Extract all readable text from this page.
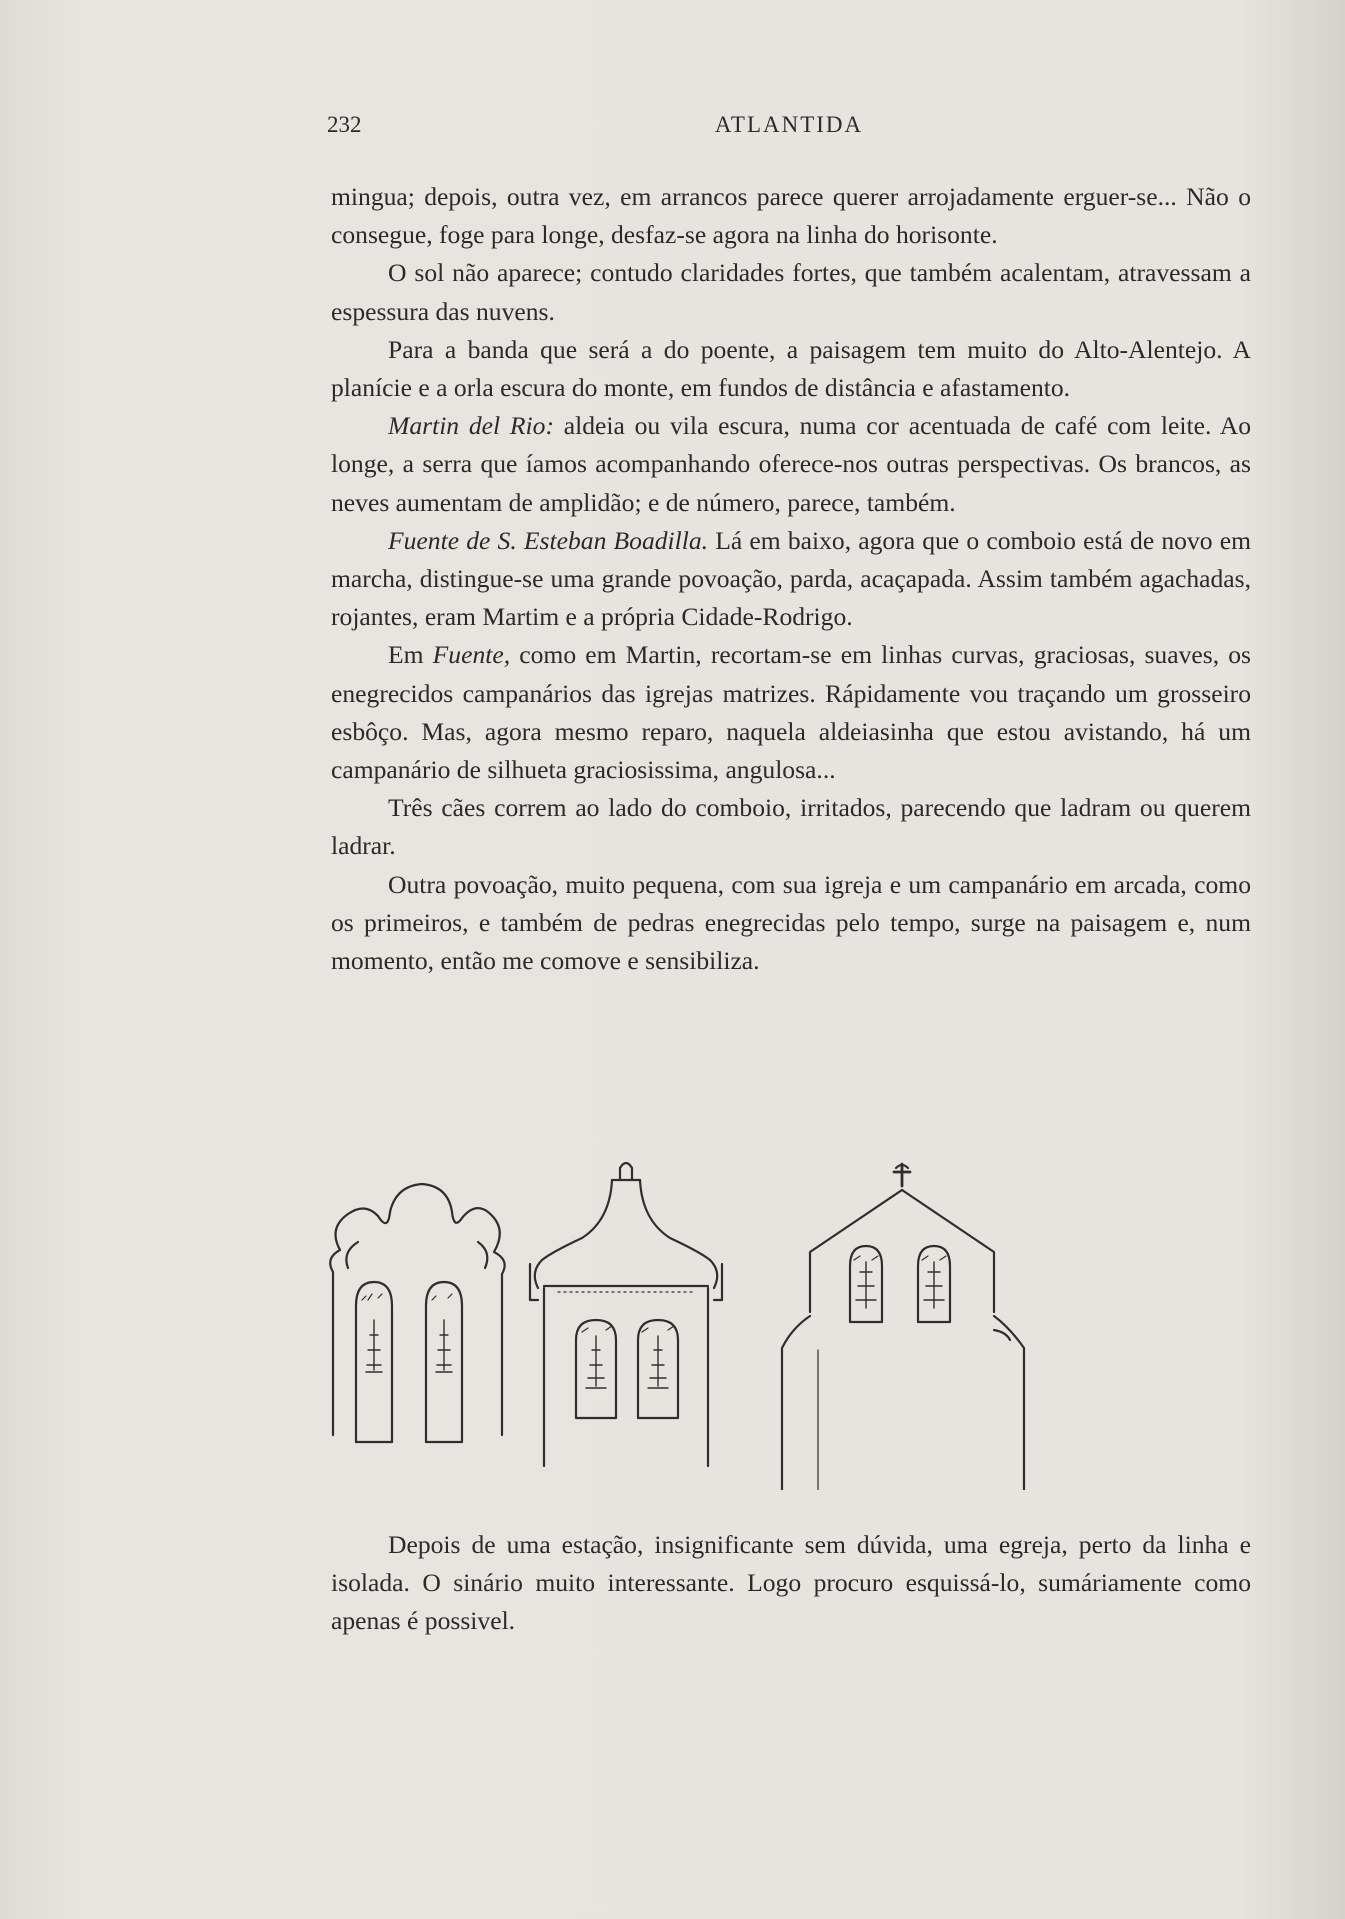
232	ATLANTIDA

mingua; depois, outra vez, em arrancos parece querer arrojadamente erguer-se... Não o consegue, foge para longe, desfaz-se agora na linha do horisonte.

O sol não aparece; contudo claridades fortes, que também acalentam, atravessam a espessura das nuvens.

Para a banda que será a do poente, a paisagem tem muito do Alto-Alentejo. A planície e a orla escura do monte, em fundos de distância e afastamento.

Martin del Rio: aldeia ou vila escura, numa cor acentuada de café com leite. Ao longe, a serra que íamos acompanhando oferece-nos outras perspectivas. Os brancos, as neves aumentam de amplidão; e de número, parece, também.

Fuente de S. Esteban Boadilla. Lá em baixo, agora que o comboio está de novo em marcha, distingue-se uma grande povoação, parda, acaçapada. Assim também agachadas, rojantes, eram Martim e a própria Cidade-Rodrigo.

Em Fuente, como em Martin, recortam-se em linhas curvas, graciosas, suaves, os enegrecidos campanários das igrejas matrizes. Rápidamente vou traçando um grosseiro esbôço. Mas, agora mesmo reparo, naquela aldeiasinha que estou avistando, há um campanário de silhueta graciosissima, angulosa...

Três cães correm ao lado do comboio, irritados, parecendo que ladram ou querem ladrar.

Outra povoação, muito pequena, com sua igreja e um campanário em arcada, como os primeiros, e também de pedras enegrecidas pelo tempo, surge na paisagem e, num momento, então me comove e sensibiliza.

Depois de uma estação, insignificante sem dúvida, uma egreja, perto da linha e isolada. O sinário muito interessante. Logo procuro esquissá-lo, sumáriamente como apenas é possivel.
